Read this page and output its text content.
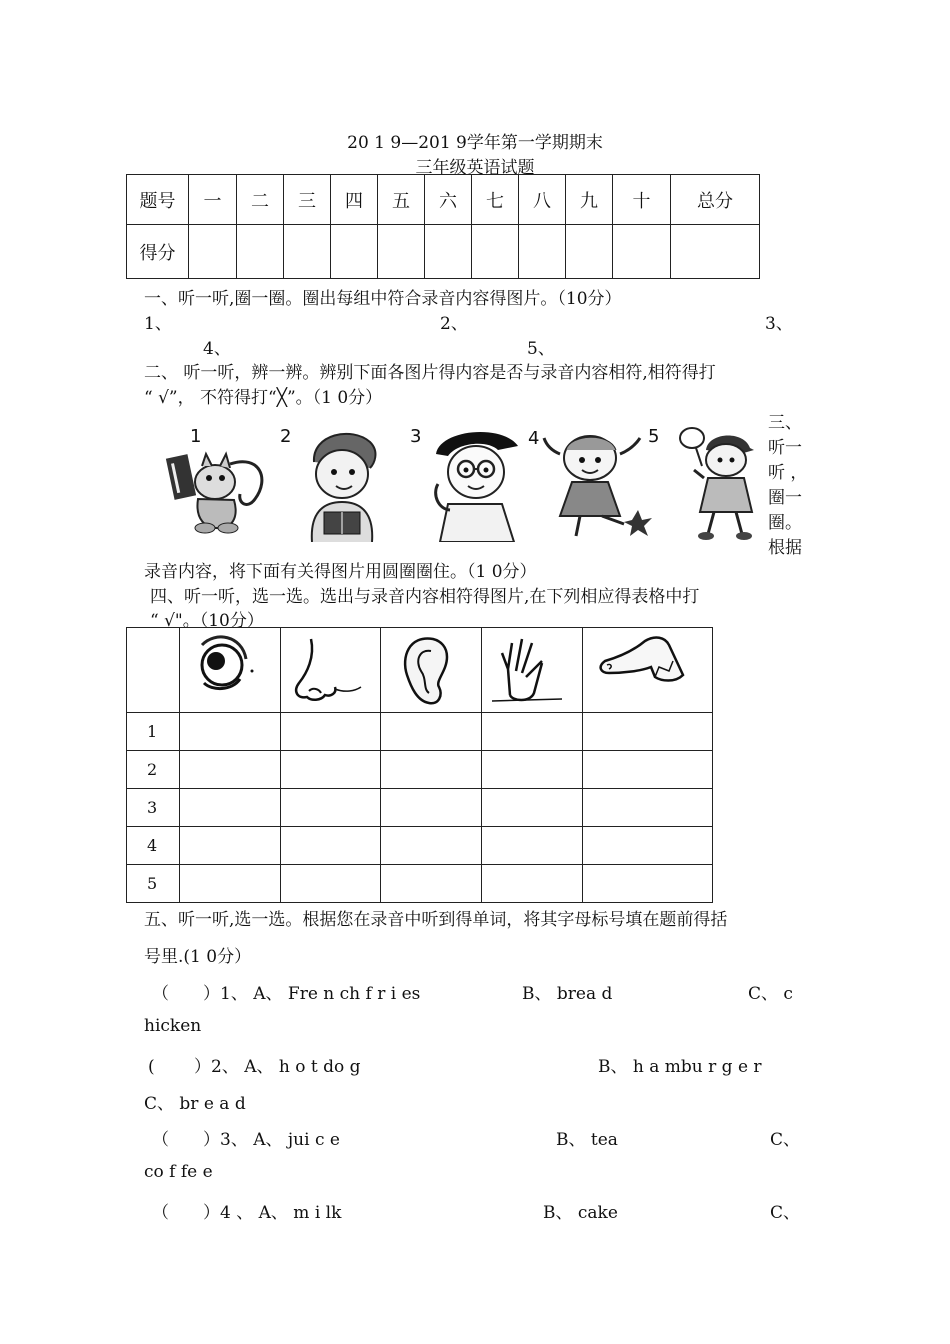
20 1 9—201 9学年第一学期期末
三年级英语试题
题号	一	二	三	四	五	六	七	八	九	十	总分
得分											
一、听一听,圈一圈。圈出每组中符合录音内容得图片。（10分）
1、	2、	3、
4、	5、
二、 听一听，辨一辨。辨别下面各图片得内容是否与录音内容相符,相符得打
“ √”， 不符得打“╳”。（1 0分）
三、
听一
听 ，
圈一
圈。
根据
1	2	3	4	5
录音内容，将下面有关得图片用圆圈圈住。（1 0分）
四、听一听，选一选。选出与录音内容相符得图片,在下列相应得表格中打
“ √"。（10分）

1					
2					
3					
4					
5					
五、听一听,选一选。根据您在录音中听到得单词，将其字母标号填在题前得括
号里.(1 0分）
（　　）1、 A、 Fre n ch f r i es	B、 brea d	C、 c
hicken
(　　 ）2、 A、 h o t do g	B、 h a mbu r g e r
C、 br e a d
（　　）3、 A、 jui c e	B、 tea	C、
co f fe e
（　　）4 、 A、 m i lk	B、 cake	C、
